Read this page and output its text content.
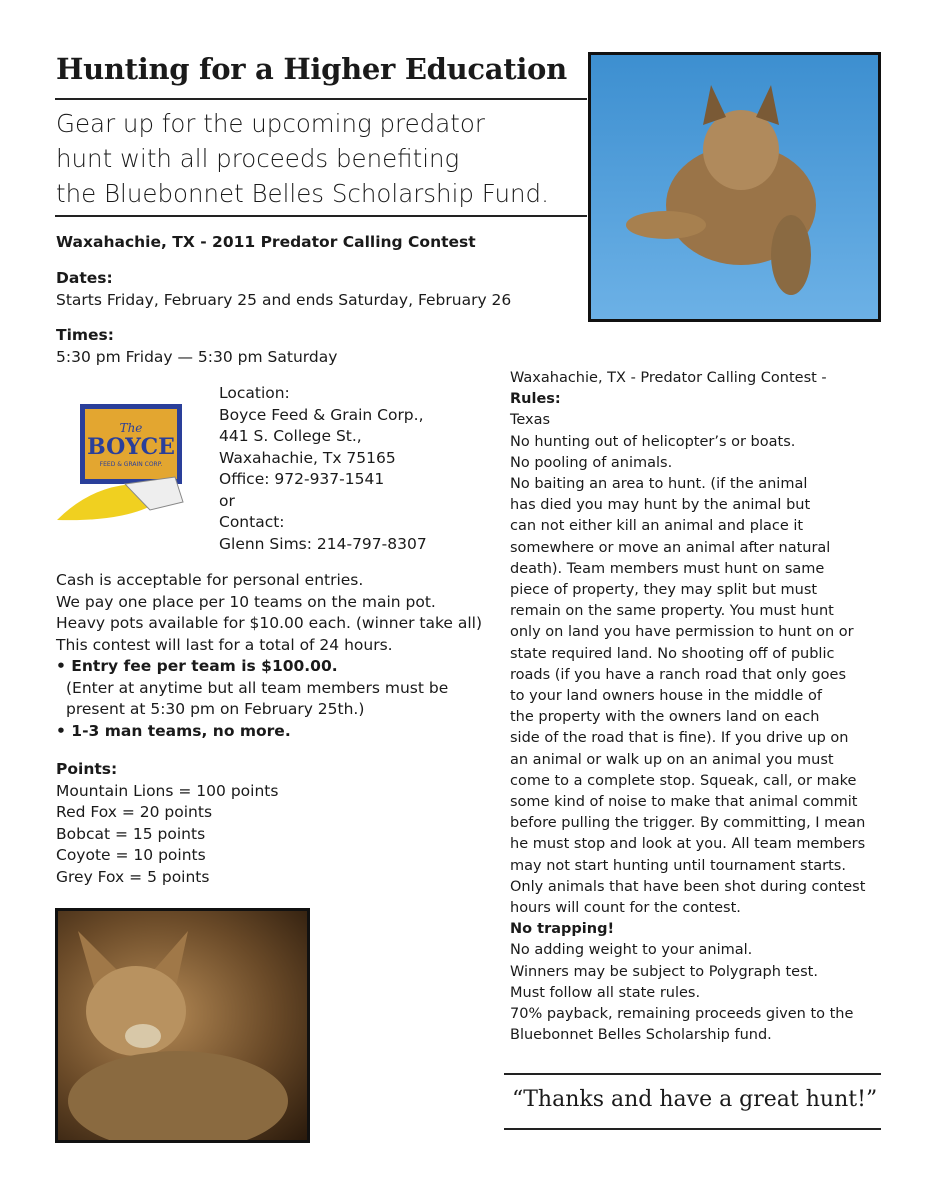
Hunting for a Higher Education
Gear up for the upcoming predator
hunt with all proceeds benefiting
the Bluebonnet Belles Scholarship Fund.
Waxahachie, TX - 2011 Predator Calling Contest
Dates:
Starts Friday, February 25 and ends Saturday, February 26
Times:
5:30 pm Friday — 5:30 pm Saturday
The
BOYCE
FEED & GRAIN CORP.
Location:
Boyce Feed & Grain Corp.,
441 S. College St.,
Waxahachie, Tx 75165
Office: 972-937-1541
or
Contact:
Glenn Sims: 214-797-8307
Cash is acceptable for personal entries.
We pay one place per 10 teams on the main pot.
Heavy pots available for $10.00 each. (winner take all)
This contest will last for a total of 24 hours.
• Entry fee per team is $100.00.
(Enter at anytime but all team members must be
present at 5:30 pm on February 25th.)
• 1-3 man teams, no more.
Points:
Mountain Lions = 100 points
Red Fox = 20 points
Bobcat = 15 points
Coyote = 10 points
Grey Fox = 5 points
Waxahachie, TX - Predator Calling Contest -
Rules:
Texas
No hunting out of helicopter’s or boats.
No pooling of animals.
No baiting an area to hunt. (if the animal
has died you may hunt by the animal but
can not either kill an animal and place it
somewhere or move an animal after natural
death). Team members must hunt on same
piece of property, they may split but must
remain on the same property. You must hunt
only on land you have permission to hunt on or
state required land. No shooting off of public
roads (if you have a ranch road that only goes
to your land owners house in the middle of
the property with the owners land on each
side of the road that is fine). If you drive up on
an animal or walk up on an animal you must
come to a complete stop. Squeak, call, or make
some kind of noise to make that animal commit
before pulling the trigger. By committing, I mean
he must stop and look at you. All team members
may not start hunting until tournament starts.
Only animals that have been shot during contest
hours will count for the contest.
No trapping!
No adding weight to your animal.
Winners may be subject to Polygraph test.
Must follow all state rules.
70% payback, remaining proceeds given to the
Bluebonnet Belles Scholarship fund.
“Thanks and have a great hunt!”
